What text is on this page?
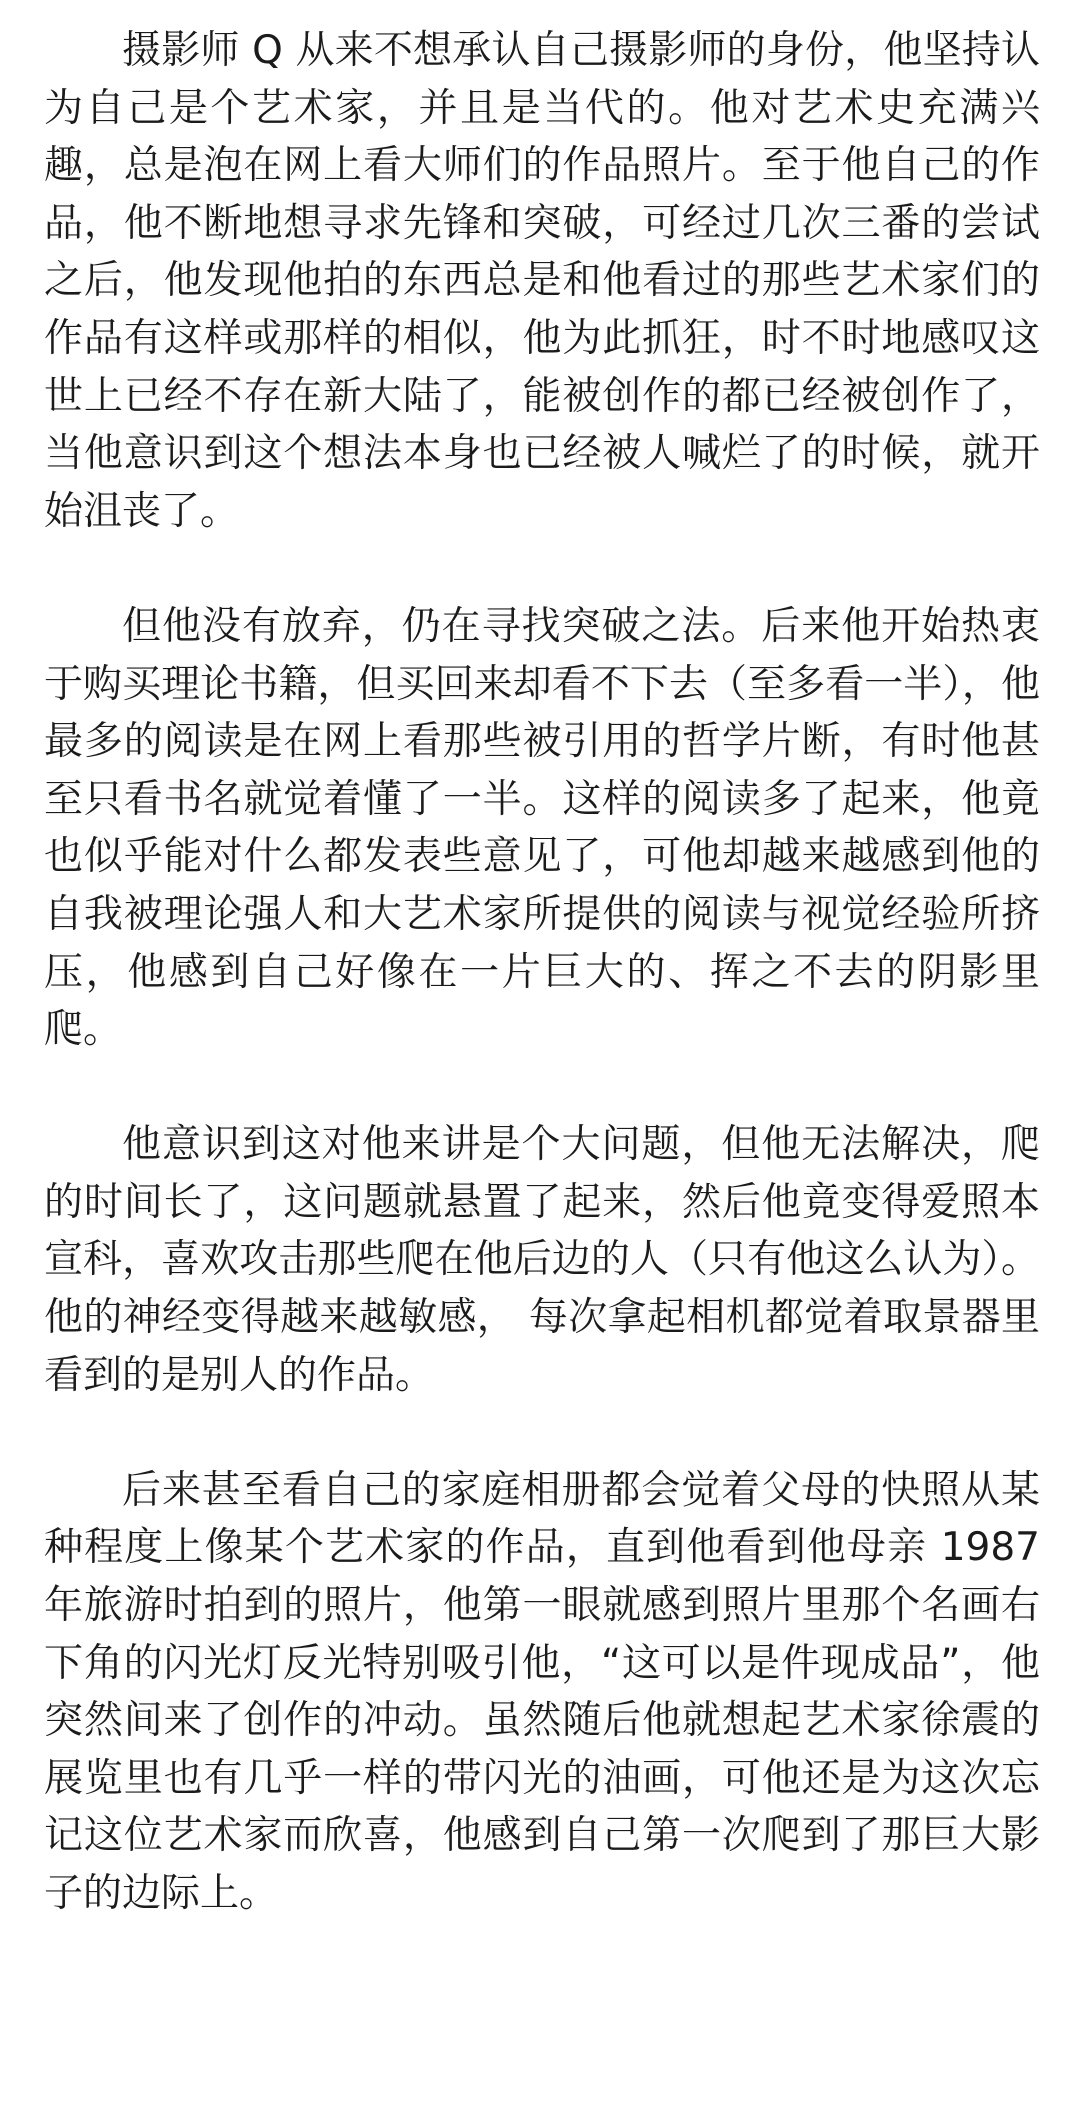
摄影师 Q 从来不想承认自己摄影师的身份，他坚持认为自己是个艺术家，并且是当代的。他对艺术史充满兴趣，总是泡在网上看大师们的作品照片。至于他自己的作品，他不断地想寻求先锋和突破，可经过几次三番的尝试之后，他发现他拍的东西总是和他看过的那些艺术家们的作品有这样或那样的相似，他为此抓狂，时不时地感叹这世上已经不存在新大陆了，能被创作的都已经被创作了，当他意识到这个想法本身也已经被人喊烂了的时候，就开始沮丧了。

但他没有放弃，仍在寻找突破之法。后来他开始热衷于购买理论书籍，但买回来却看不下去（至多看一半），他最多的阅读是在网上看那些被引用的哲学片断，有时他甚至只看书名就觉着懂了一半。这样的阅读多了起来，他竟也似乎能对什么都发表些意见了，可他却越来越感到他的自我被理论强人和大艺术家所提供的阅读与视觉经验所挤压，他感到自己好像在一片巨大的、挥之不去的阴影里爬。

他意识到这对他来讲是个大问题，但他无法解决，爬的时间长了，这问题就悬置了起来，然后他竟变得爱照本宣科，喜欢攻击那些爬在他后边的人（只有他这么认为）。他的神经变得越来越敏感， 每次拿起相机都觉着取景器里看到的是别人的作品。

后来甚至看自己的家庭相册都会觉着父母的快照从某种程度上像某个艺术家的作品，直到他看到他母亲 1987 年旅游时拍到的照片，他第一眼就感到照片里那个名画右下角的闪光灯反光特别吸引他，“这可以是件现成品”，他突然间来了创作的冲动。虽然随后他就想起艺术家徐震的展览里也有几乎一样的带闪光的油画，可他还是为这次忘记这位艺术家而欣喜，他感到自己第一次爬到了那巨大影子的边际上。
